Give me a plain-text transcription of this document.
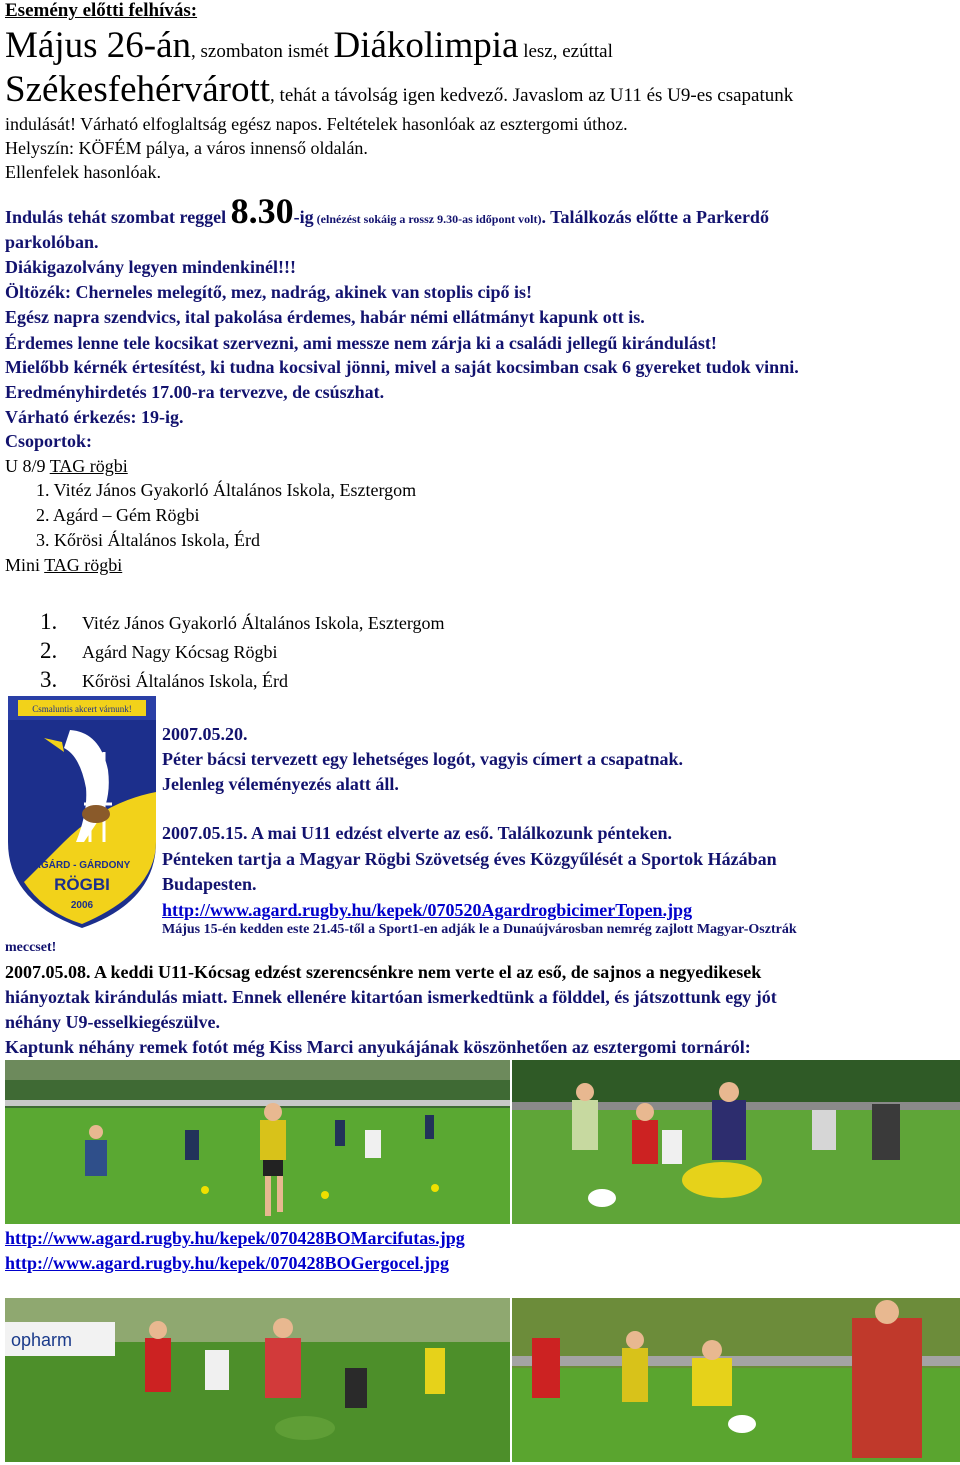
Esemény előtti felhívás:
Május 26-án, szombaton ismét Diákolimpia lesz, ezúttal
Székesfehérvárott, tehát a távolság igen kedvező. Javaslom az U11 és U9-es csapatunk
indulását! Várható elfoglaltság egész napos. Feltételek hasonlóak az esztergomi úthoz.
Helyszín: KÖFÉM pálya, a város innenső oldalán.
Ellenfelek hasonlóak.
Indulás tehát szombat reggel 8.30-ig (elnézést sokáig a rossz 9.30-as időpont volt). Találkozás előtte a Parkerdő
parkolóban.
Diákigazolvány legyen mindenkinél!!!
Öltözék: Cherneles melegítő, mez, nadrág, akinek van stoplis cipő is!
Egész napra szendvics, ital pakolása érdemes, habár némi ellátmányt kapunk ott is.
Érdemes lenne tele kocsikat szervezni, ami messze nem zárja ki a családi jellegű kirándulást!
Mielőbb kérnék értesítést, ki tudna kocsival jönni, mivel a saját kocsimban csak 6 gyereket tudok vinni.
Eredményhirdetés 17.00-ra tervezve, de csúszhat.
Várható érkezés: 19-ig.
Csoportok:
U 8/9 TAG rögbi
1. Vitéz János Gyakorló Általános Iskola, Esztergom
2. Agárd – Gém Rögbi
3. Kőrösi Általános Iskola, Érd
Mini TAG rögbi
1. Vitéz János Gyakorló Általános Iskola, Esztergom
2. Agárd Nagy Kócsag Rögbi
3. Kőrösi Általános Iskola, Érd
Csmaluntis akcert várnunk!
AGÁRD - GÁRDONY
RÖGBI
2006
2007.05.20.
Péter bácsi tervezett egy lehetséges logót, vagyis címert a csapatnak.
Jelenleg véleményezés alatt áll.
2007.05.15. A mai U11 edzést elverte az eső. Találkozunk pénteken.
Pénteken tartja a Magyar Rögbi Szövetség éves Közgyűlését a Sportok Házában
Budapesten.
http://www.agard.rugby.hu/kepek/070520AgardrogbicimerTopen.jpg
Május 15-én kedden este 21.45-től a Sport1-en adják le a Dunaújvárosban nemrég zajlott Magyar-Osztrák
meccset!
2007.05.08. A keddi U11-Kócsag edzést szerencsénkre nem verte el az eső, de sajnos a negyedikesek
hiányoztak kirándulás miatt. Ennek ellenére kitartóan ismerkedtünk a földdel, és játszottunk egy jót
néhány U9-esselkiegészülve.
Kaptunk néhány remek fotót még Kiss Marci anyukájának köszönhetően az esztergomi tornáról:
http://www.agard.rugby.hu/kepek/070428BOMarcifutas.jpg
http://www.agard.rugby.hu/kepek/070428BOGergocel.jpg
opharm
